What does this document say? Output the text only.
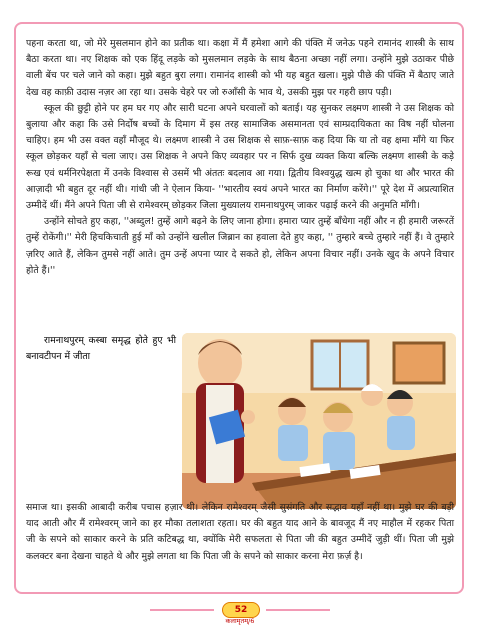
पहना करता था, जो मेरे मुसलमान होने का प्रतीक था। कक्षा में मैं हमेशा आगे की पंक्ति में जनेऊ पहने रामानंद शास्त्री के साथ बैठा करता था। नए शिक्षक को एक हिंदू लड़के को मुसलमान लड़के के साथ बैठना अच्छा नहीं लगा। उन्होंने मुझे उठाकर पीछे वाली बेंच पर चले जाने को कहा। मुझे बहुत बुरा लगा। रामानंद शास्त्री को भी यह बहुत खला। मुझे पीछे की पंक्ति में बैठाए जाते देख वह काफ़ी उदास नज़र आ रहा था। उसके चेहरे पर जो रुआँसी के भाव थे, उसकी मुझ पर गहरी छाप पड़ी।

स्कूल की छुट्टी होने पर हम घर गए और सारी घटना अपने घरवालों को बताई। यह सुनकर लक्ष्मण शास्त्री ने उस शिक्षक को बुलाया और कहा कि उसे निर्दोष बच्चों के दिमाग में इस तरह सामाजिक असमानता एवं साम्प्रदायिकता का विष नहीं घोलना चाहिए। हम भी उस वक्त वहाँ मौजूद थे। लक्ष्मण शास्त्री ने उस शिक्षक से साफ़-साफ़ कह दिया कि या तो वह क्षमा माँगे या फिर स्कूल छोड़कर यहाँ से चला जाए। उस शिक्षक ने अपने किए व्यवहार पर न सिर्फ दुख व्यक्त किया बल्कि लक्ष्मण शास्त्री के कड़े रूख एवं धर्मनिरपेक्षता में उनके विश्वास से उसमें भी अंततः बदलाव आ गया। द्वितीय विश्वयुद्ध खत्म हो चुका था और भारत की आज़ादी भी बहुत दूर नहीं थी। गांधी जी ने ऐलान किया- ''भारतीय स्वयं अपने भारत का निर्माण करेंगे।'' पूरे देश में अप्रत्याशित उम्मीदें थीं। मैंने अपने पिता जी से रामेश्वरम् छोड़कर जिला मुख्यालय रामनाथपुरम् जाकर पढ़ाई करने की अनुमति माँगी।

उन्होंने सोचते हुए कहा, ''अब्दुल! तुम्हें आगे बढ़ने के लिए जाना होगा। हमारा प्यार तुम्हें बाँधेगा नहीं और न ही हमारी जरूरतें तुम्हें रोकेंगी।'' मेरी हिचकिचाती हुई माँ को उन्होंने खलील जिब्रान का हवाला देते हुए कहा, '' तुम्हारे बच्चे तुम्हारे नहीं हैं। वे तुम्हारे ज़रिए आते हैं, लेकिन तुमसे नहीं आते। तुम उन्हें अपना प्यार दे सकते हो, लेकिन अपना विचार नहीं। उनके खुद के अपने विचार होते हैं।''

रामनाथपुरम् कस्बा समृद्ध होते हुए भी बनावटीपन में जीता

समाज था। इसकी आबादी करीब पचास हज़ार थी। लेकिन रामेश्वरम् जैसी सुसंगति और सद्भाव यहाँ नहीं था। मुझे घर की बड़ी याद आती और मैं रामेश्वरम् जाने का हर मौका तलाशता रहता। घर की बहुत याद आने के बावजूद मैं नए माहौल में रहकर पिता जी के सपने को साकार करने के प्रति कटिबद्ध था, क्योंकि मेरी सफलता से पिता जी की बहुत उम्मीदें जुड़ी थीं। पिता जी मुझे कलक्टर बना देखना चाहते थे और मुझे लगता था कि पिता जी के सपने को साकार करना मेरा फ़र्ज़ है।

52
कलामृतम्/6
